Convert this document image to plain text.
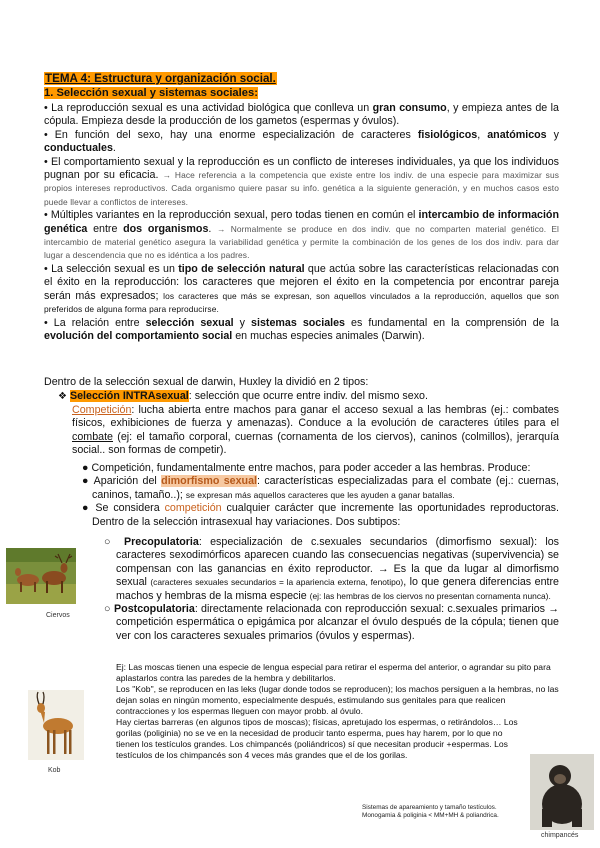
TEMA 4: Estructura y organización social.
1. Selección sexual y sistemas sociales:
• La reproducción sexual es una actividad biológica que conlleva un gran consumo, y empieza antes de la cópula. Empieza desde la producción de los gametos (espermas y óvulos).
• En función del sexo, hay una enorme especialización de caracteres fisiológicos, anatómicos y conductuales.
• El comportamiento sexual y la reproducción es un conflicto de intereses individuales, ya que los individuos pugnan por su eficacia. → Hace referencia a la competencia que existe entre los indiv. de una especie para maximizar sus propios intereses reproductivos. Cada organismo quiere pasar su info. genética a la siguiente generación, y en muchos casos esto puede llevar a conflictos de intereses.
• Múltiples variantes en la reproducción sexual, pero todas tienen en común el intercambio de información genética entre dos organismos. → Normalmente se produce en dos indiv. que no comparten material genético. El intercambio de material genético asegura la variabilidad genética y permite la combinación de los genes de los dos indiv. para dar lugar a descendencia que no es idéntica a los padres.
• La selección sexual es un tipo de selección natural que actúa sobre las características relacionadas con el éxito en la reproducción: los caracteres que mejoren el éxito en la competencia por encontrar pareja serán más expresados; los caracteres que más se expresan, son aquellos vinculados a la reproducción, aquellos que son preferidos de alguna forma para reproducirse.
• La relación entre selección sexual y sistemas sociales es fundamental en la comprensión de la evolución del comportamiento social en muchas especies animales (Darwin).
Dentro de la selección sexual de darwin, Huxley la dividió en 2 tipos:
❖ Selección INTRAsexual: selección que ocurre entre indiv. del mismo sexo.
Competición: lucha abierta entre machos para ganar el acceso sexual a las hembras (ej.: combates físicos, exhibiciones de fuerza y amenazas). Conduce a la evolución de caracteres útiles para el combate (ej: el tamaño corporal, cuernas (cornamenta de los ciervos), caninos (colmillos), jerarquía social.. son formas de competir).
● Competición, fundamentalmente entre machos, para poder acceder a las hembras. Produce:
● Aparición del dimorfismo sexual: características especializadas para el combate (ej.: cuernas, caninos, tamaño..); se expresan más aquellos caracteres que les ayuden a ganar batallas.
● Se considera competición cualquier carácter que incremente las oportunidades reproductoras. Dentro de la selección intrasexual hay variaciones. Dos subtipos:
Ciervos
○ Precopulatoria: especialización de c.sexuales secundarios (dimorfismo sexual): los caracteres sexodimórficos aparecen cuando las consecuencias negativas (supervivencia) se compensan con las ganancias en éxito reproductor. → Es la que da lugar al dimorfismo sexual (caracteres sexuales secundarios = la apariencia externa, fenotipo), lo que genera diferencias entre machos y hembras de la misma especie (ej: las hembras de los ciervos no presentan cornamenta nunca).
○ Postcopulatoria: directamente relacionada con reproducción sexual: c.sexuales primarios → competición espermática o epigámica por alcanzar el óvulo después de la cópula; tienen que ver con los caracteres sexuales primarios (óvulos y espermas).
Ej: Las moscas tienen una especie de lengua especial para retirar el esperma del anterior, o agrandar su pito para aplastarlos contra las paredes de la hembra y debilitarlos.
Los "Kob", se reproducen en las leks (lugar donde todos se reproducen); los machos persiguen a la hembras, no las dejan solas en ningún momento, especialmente después, estimulando sus genitales para que realicen contracciones y los espermas lleguen con mayor probb. al óvulo.
Hay ciertas barreras (en algunos tipos de moscas); físicas, apretujado los espermas, o retirándolos… Los gorilas (poliginia) no se ve en la necesidad de producir tanto esperma, pues hay harem, por lo que no tienen los testículos grandes. Los chimpancés (poliándricos) sí que necesitan producir +espermas. Los testículos de los chimpancés son 4 veces más grandes que el de los gorilas.
Kob
Sistemas de apareamiento y tamaño testículos.
Monogamia & poliginia < MM+MH & poliandrica.
chimpancés
